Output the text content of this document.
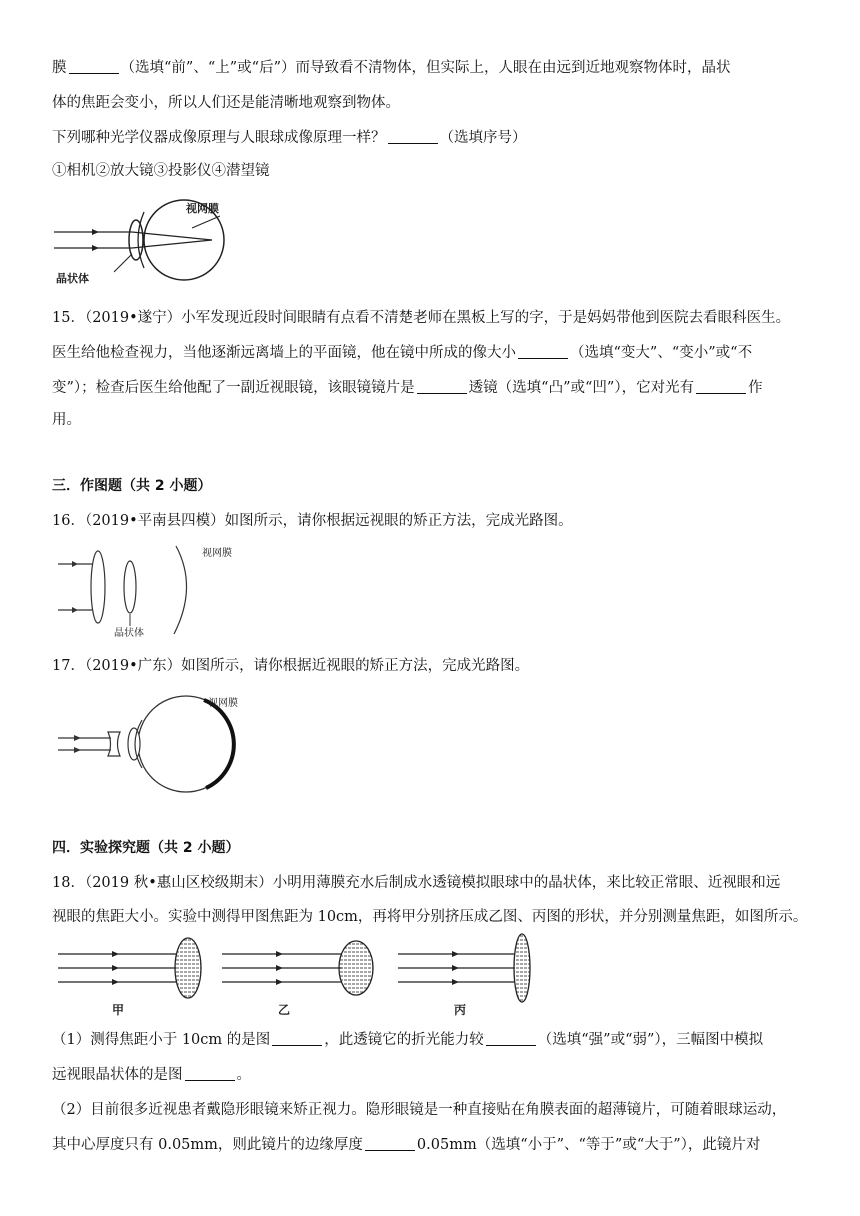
膜	（选填“前”、“上”或“后”）而导致看不清物体，但实际上，人眼在由远到近地观察物体时，晶状
体的焦距会变小，所以人们还是能清晰地观察到物体。
下列哪种光学仪器成像原理与人眼球成像原理一样？	（选填序号）
①相机②放大镜③投影仪④潜望镜
视网膜
晶状体
15．（2019•遂宁）小军发现近段时间眼睛有点看不清楚老师在黑板上写的字，于是妈妈带他到医院去看眼科医生。
医生给他检查视力，当他逐渐远离墙上的平面镜，他在镜中所成的像大小	（选填“变大”、“变小”或“不
变”）；检查后医生给他配了一副近视眼镜，该眼镜镜片是	透镜（选填“凸”或“凹”），它对光有	作
用。
三．作图题（共 2 小题）
16．（2019•平南县四模）如图所示，请你根据远视眼的矫正方法，完成光路图。
视网膜
晶状体
17．（2019•广东）如图所示，请你根据近视眼的矫正方法，完成光路图。
视网膜
四．实验探究题（共 2 小题）
18．（2019 秋•惠山区校级期末）小明用薄膜充水后制成水透镜模拟眼球中的晶状体，来比较正常眼、近视眼和远
视眼的焦距大小。实验中测得甲图焦距为 10cm，再将甲分别挤压成乙图、丙图的形状，并分别测量焦距，如图所示。
甲	乙	丙
（1）测得焦距小于 10cm 的是图	，此透镜它的折光能力较	（选填“强”或“弱”），三幅图中模拟
远视眼晶状体的是图	。
（2）目前很多近视患者戴隐形眼镜来矫正视力。隐形眼镜是一种直接贴在角膜表面的超薄镜片，可随着眼球运动，
其中心厚度只有 0.05mm，则此镜片的边缘厚度	0.05mm（选填“小于”、“等于”或“大于”），此镜片对
